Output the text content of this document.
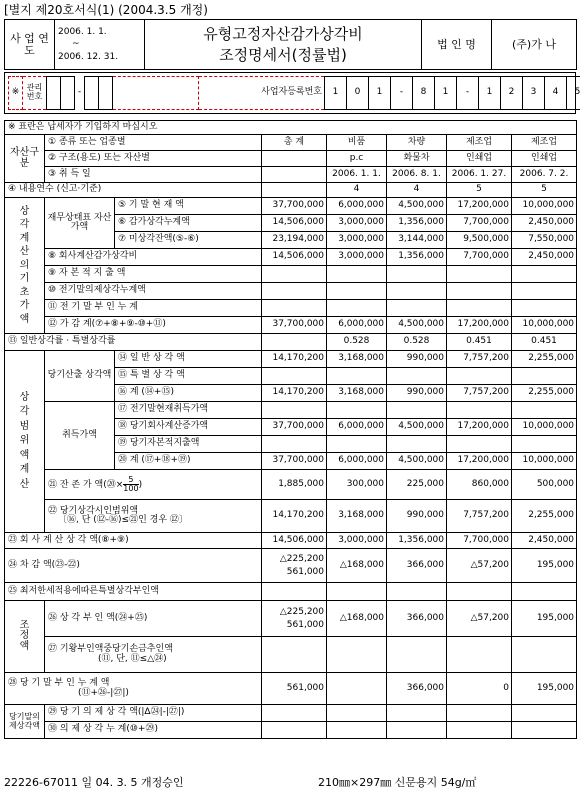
[별지 제20호서식(1) (2004.3.5 개정)
사 업 연 도	
2006. 1. 1.
~
2006. 12. 31.

유형고정자산감가상각비
조정명세서(정률법)
	법 인 명	(주)가 나
※	관리번호			-				사업자등록번호	1	0	1	-	8	1	-	1	2	3	4	5
※ 표란은 납세자가 기입하지 마십시오							
자산구분	① 종류 또는 업종별		총 계	비품	차량	제조업	제조업
	② 구조(용도) 또는 자산별			p.c	화물차	인쇄업	인쇄업
	③ 취 득 일			2006. 1. 1.	2006. 8. 1.	2006. 1. 27.	2006. 7. 2.
④ 내용연수 (신고·기준)				4	4	5	5
상각계산의기초가액	재무상태표 자산가액	⑤ 기 말 현 재 액	37,700,000	6,000,000	4,500,000	17,200,000	10,000,000
		⑥ 감가상각누계액	14,506,000	3,000,000	1,356,000	7,700,000	2,450,000
		⑦ 미상각잔액(⑤-⑥)	23,194,000	3,000,000	3,144,000	9,500,000	7,550,000
	⑧ 회사계산감가상각비		14,506,000	3,000,000	1,356,000	7,700,000	2,450,000
	⑨ 자 본 적 지 출 액						
	⑩ 전기말의제상각누계액						
	⑪ 전 기 말 부 인 누 계						
	⑫ 가 감 계(⑦+⑧+⑨-⑩+⑪)		37,700,000	6,000,000	4,500,000	17,200,000	10,000,000
⑬ 일반상각률 · 특별상각률				0.528	0.528	0.451	0.451
상각범위액계산	당기산출 상각액	⑭ 일 반 상 각 액	14,170,200	3,168,000	990,000	7,757,200	2,255,000
		⑮ 특 별 상 각 액					
		⑯ 계 (⑭+⑮)	14,170,200	3,168,000	990,000	7,757,200	2,255,000
	취득가액	⑰ 전기말현재취득가액					
		⑱ 당기회사계산증가액	37,700,000	6,000,000	4,500,000	17,200,000	10,000,000
		⑲ 당기자본적지출액					
		⑳ 계 (⑰+⑱+⑲)	37,700,000	6,000,000	4,500,000	17,200,000	10,000,000
	㉑ 잔 존 가 액(⑳× $\frac{5}{100}$ )		1,885,000	300,000	225,000	860,000	500,000

	㉒ 당기상각시인범위액
〔⑯, 단 (⑫-⑯)≤㉑인 경우 ⑫〕		14,170,200	3,168,000	990,000	7,757,200	2,255,000
㉓ 회 사 계 산 상 각 액(⑧+⑨)			14,506,000	3,000,000	1,356,000	7,700,000	2,450,000
㉔ 차 감 액(㉓-㉒)			△225,200
561,000	△168,000	366,000	△57,200	195,000
㉕ 최저한세적용에따른특별상각부인액							
조정액	㉖ 상 각 부 인 액(㉔+㉕)		△225,200
561,000	△168,000	366,000	△57,200	195,000

	㉗ 기왕부인액중당기손금추인액
(⑪, 단, ⑪≤△㉔)						

㉘ 당 기 말 부 인 누 계 액
(⑪+㉖-|㉗|)			561,000		366,000	0	195,000
당기말의제상각액	㉙ 당 기 의 제 상 각 액(|Δ㉔|-|㉗|)						
	㉚ 의 제 상 각 누 계(⑩+㉙)						
22226-67011 일 04. 3. 5 개정승인	210㎜×297㎜ 신문용지 54g/㎡
